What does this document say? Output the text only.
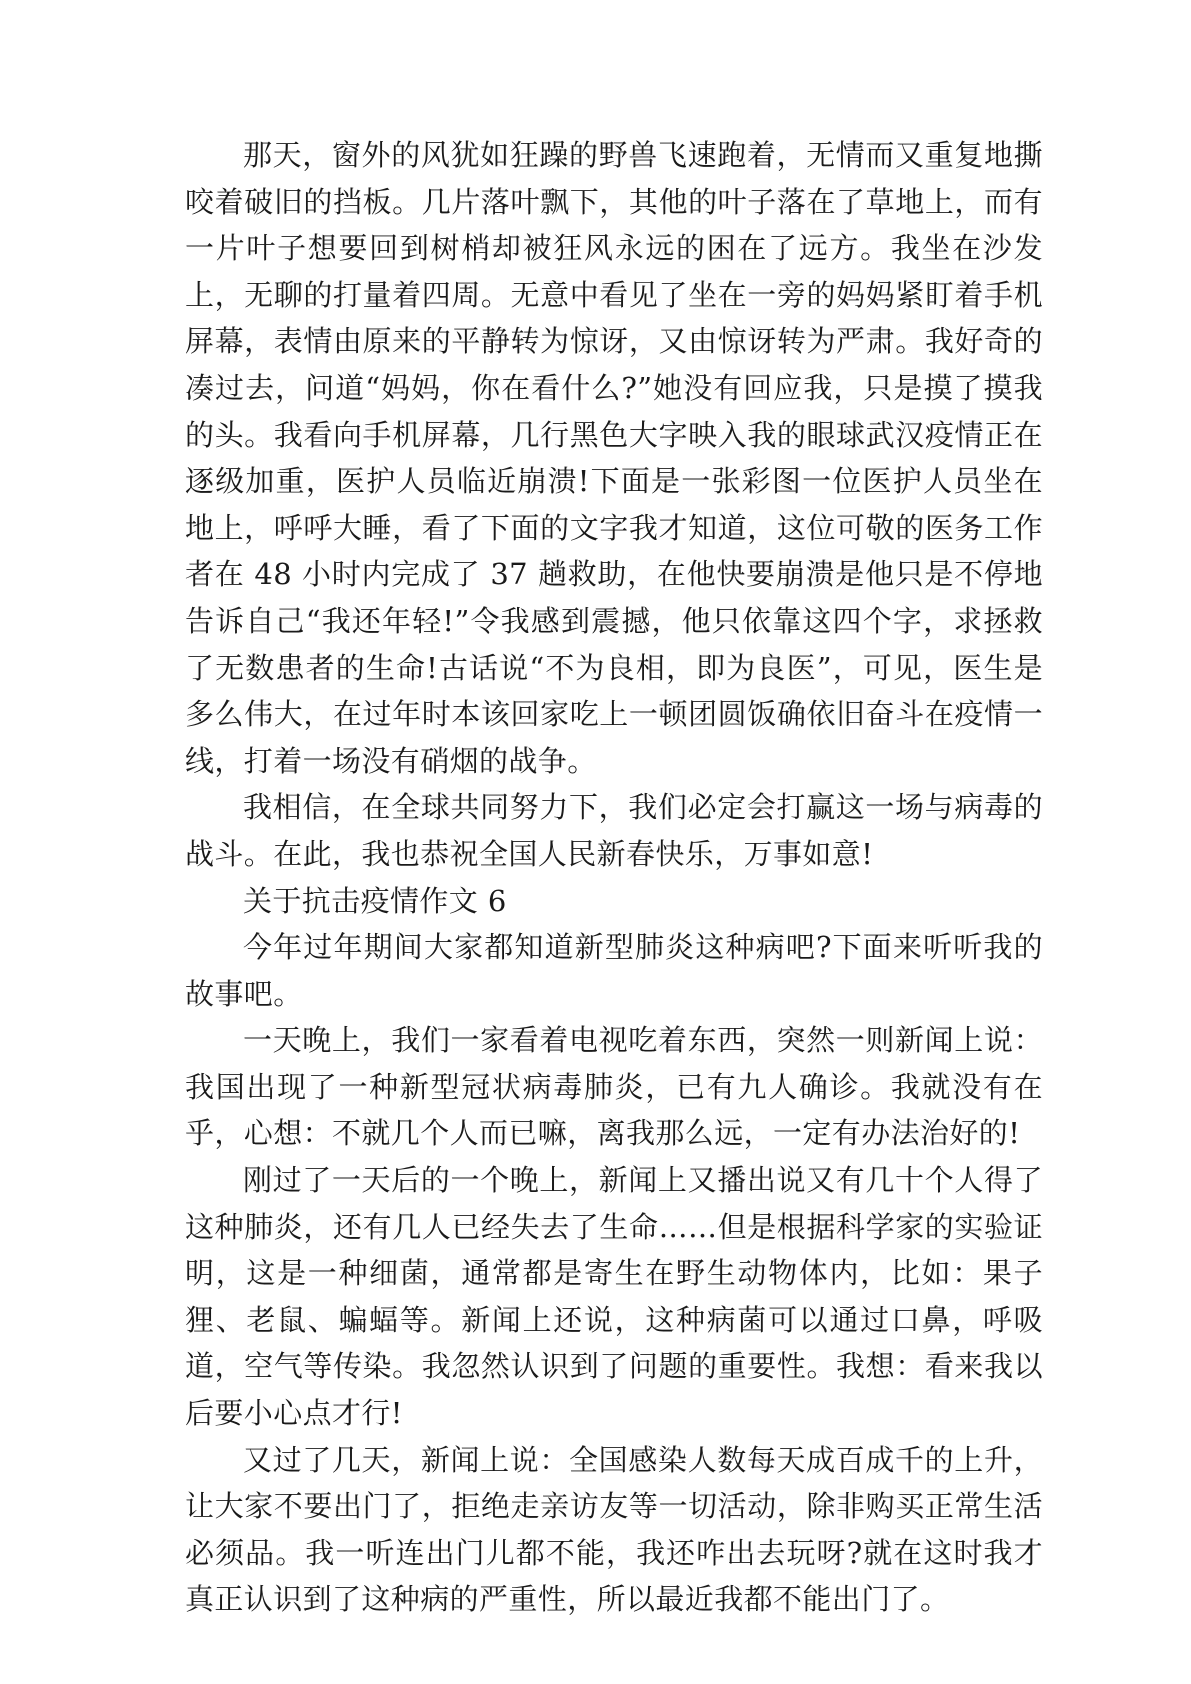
那天，窗外的风犹如狂躁的野兽飞速跑着，无情而又重复地撕咬着破旧的挡板。几片落叶飘下，其他的叶子落在了草地上，而有一片叶子想要回到树梢却被狂风永远的困在了远方。我坐在沙发上，无聊的打量着四周。无意中看见了坐在一旁的妈妈紧盯着手机屏幕，表情由原来的平静转为惊讶，又由惊讶转为严肃。我好奇的凑过去，问道“妈妈，你在看什么?”她没有回应我，只是摸了摸我的头。我看向手机屏幕，几行黑色大字映入我的眼球武汉疫情正在逐级加重，医护人员临近崩溃!下面是一张彩图一位医护人员坐在地上，呼呼大睡，看了下面的文字我才知道，这位可敬的医务工作者在 48 小时内完成了 37 趟救助，在他快要崩溃是他只是不停地告诉自己“我还年轻!”令我感到震撼，他只依靠这四个字，求拯救了无数患者的生命!古话说“不为良相，即为良医”，可见，医生是多么伟大，在过年时本该回家吃上一顿团圆饭确依旧奋斗在疫情一线，打着一场没有硝烟的战争。

我相信，在全球共同努力下，我们必定会打赢这一场与病毒的战斗。在此，我也恭祝全国人民新春快乐，万事如意!

关于抗击疫情作文 6

今年过年期间大家都知道新型肺炎这种病吧?下面来听听我的故事吧。

一天晚上，我们一家看着电视吃着东西，突然一则新闻上说：我国出现了一种新型冠状病毒肺炎，已有九人确诊。我就没有在乎，心想：不就几个人而已嘛，离我那么远，一定有办法治好的!

刚过了一天后的一个晚上，新闻上又播出说又有几十个人得了这种肺炎，还有几人已经失去了生命……但是根据科学家的实验证明，这是一种细菌，通常都是寄生在野生动物体内，比如：果子狸、老鼠、蝙蝠等。新闻上还说，这种病菌可以通过口鼻，呼吸道，空气等传染。我忽然认识到了问题的重要性。我想：看来我以后要小心点才行!

又过了几天，新闻上说：全国感染人数每天成百成千的上升，让大家不要出门了，拒绝走亲访友等一切活动，除非购买正常生活必须品。我一听连出门儿都不能，我还咋出去玩呀?就在这时我才真正认识到了这种病的严重性，所以最近我都不能出门了。
